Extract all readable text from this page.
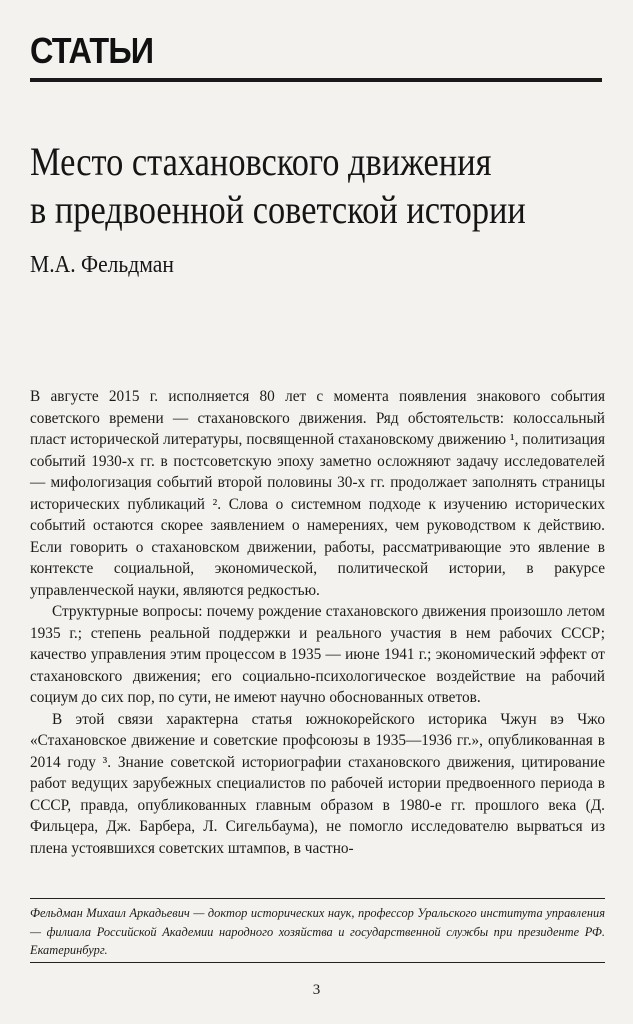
СТАТЬИ
Место стахановского движения
в предвоенной советской истории
М.А. Фельдман

В августе 2015 г. исполняется 80 лет с момента появления знакового события советского времени — стахановского движения. Ряд обстоятельств: колоссальный пласт исторической литературы, посвященной стахановскому движению ¹, политизация событий 1930-х гг. в постсоветскую эпоху заметно осложняют задачу исследователей — мифологизация событий второй половины 30-х гг. продолжает заполнять страницы исторических публикаций ². Слова о системном подходе к изучению исторических событий остаются скорее заявлением о намерениях, чем руководством к действию. Если говорить о стахановском движении, работы, рассматривающие это явление в контексте социальной, экономической, политической истории, в ракурсе управленческой науки, являются редкостью.

Структурные вопросы: почему рождение стахановского движения произошло летом 1935 г.; степень реальной поддержки и реального участия в нем рабочих СССР; качество управления этим процессом в 1935 — июне 1941 г.; экономический эффект от стахановского движения; его социально-психологическое воздействие на рабочий социум до сих пор, по сути, не имеют научно обоснованных ответов.

В этой связи характерна статья южнокорейского историка Чжун вэ Чжо «Стахановское движение и советские профсоюзы в 1935—1936 гг.», опубликованная в 2014 году ³. Знание советской историографии стахановского движения, цитирование работ ведущих зарубежных специалистов по рабочей истории предвоенного периода в СССР, правда, опубликованных главным образом в 1980-е гг. прошлого века (Д. Фильцера, Дж. Барбера, Л. Сигельбаума), не помогло исследователю вырваться из плена устоявшихся советских штампов, в частно-

Фельдман Михаил Аркадьевич — доктор исторических наук, профессор Уральского института управления — филиала Российской Академии народного хозяйства и государственной службы при президенте РФ. Екатеринбург.
3
